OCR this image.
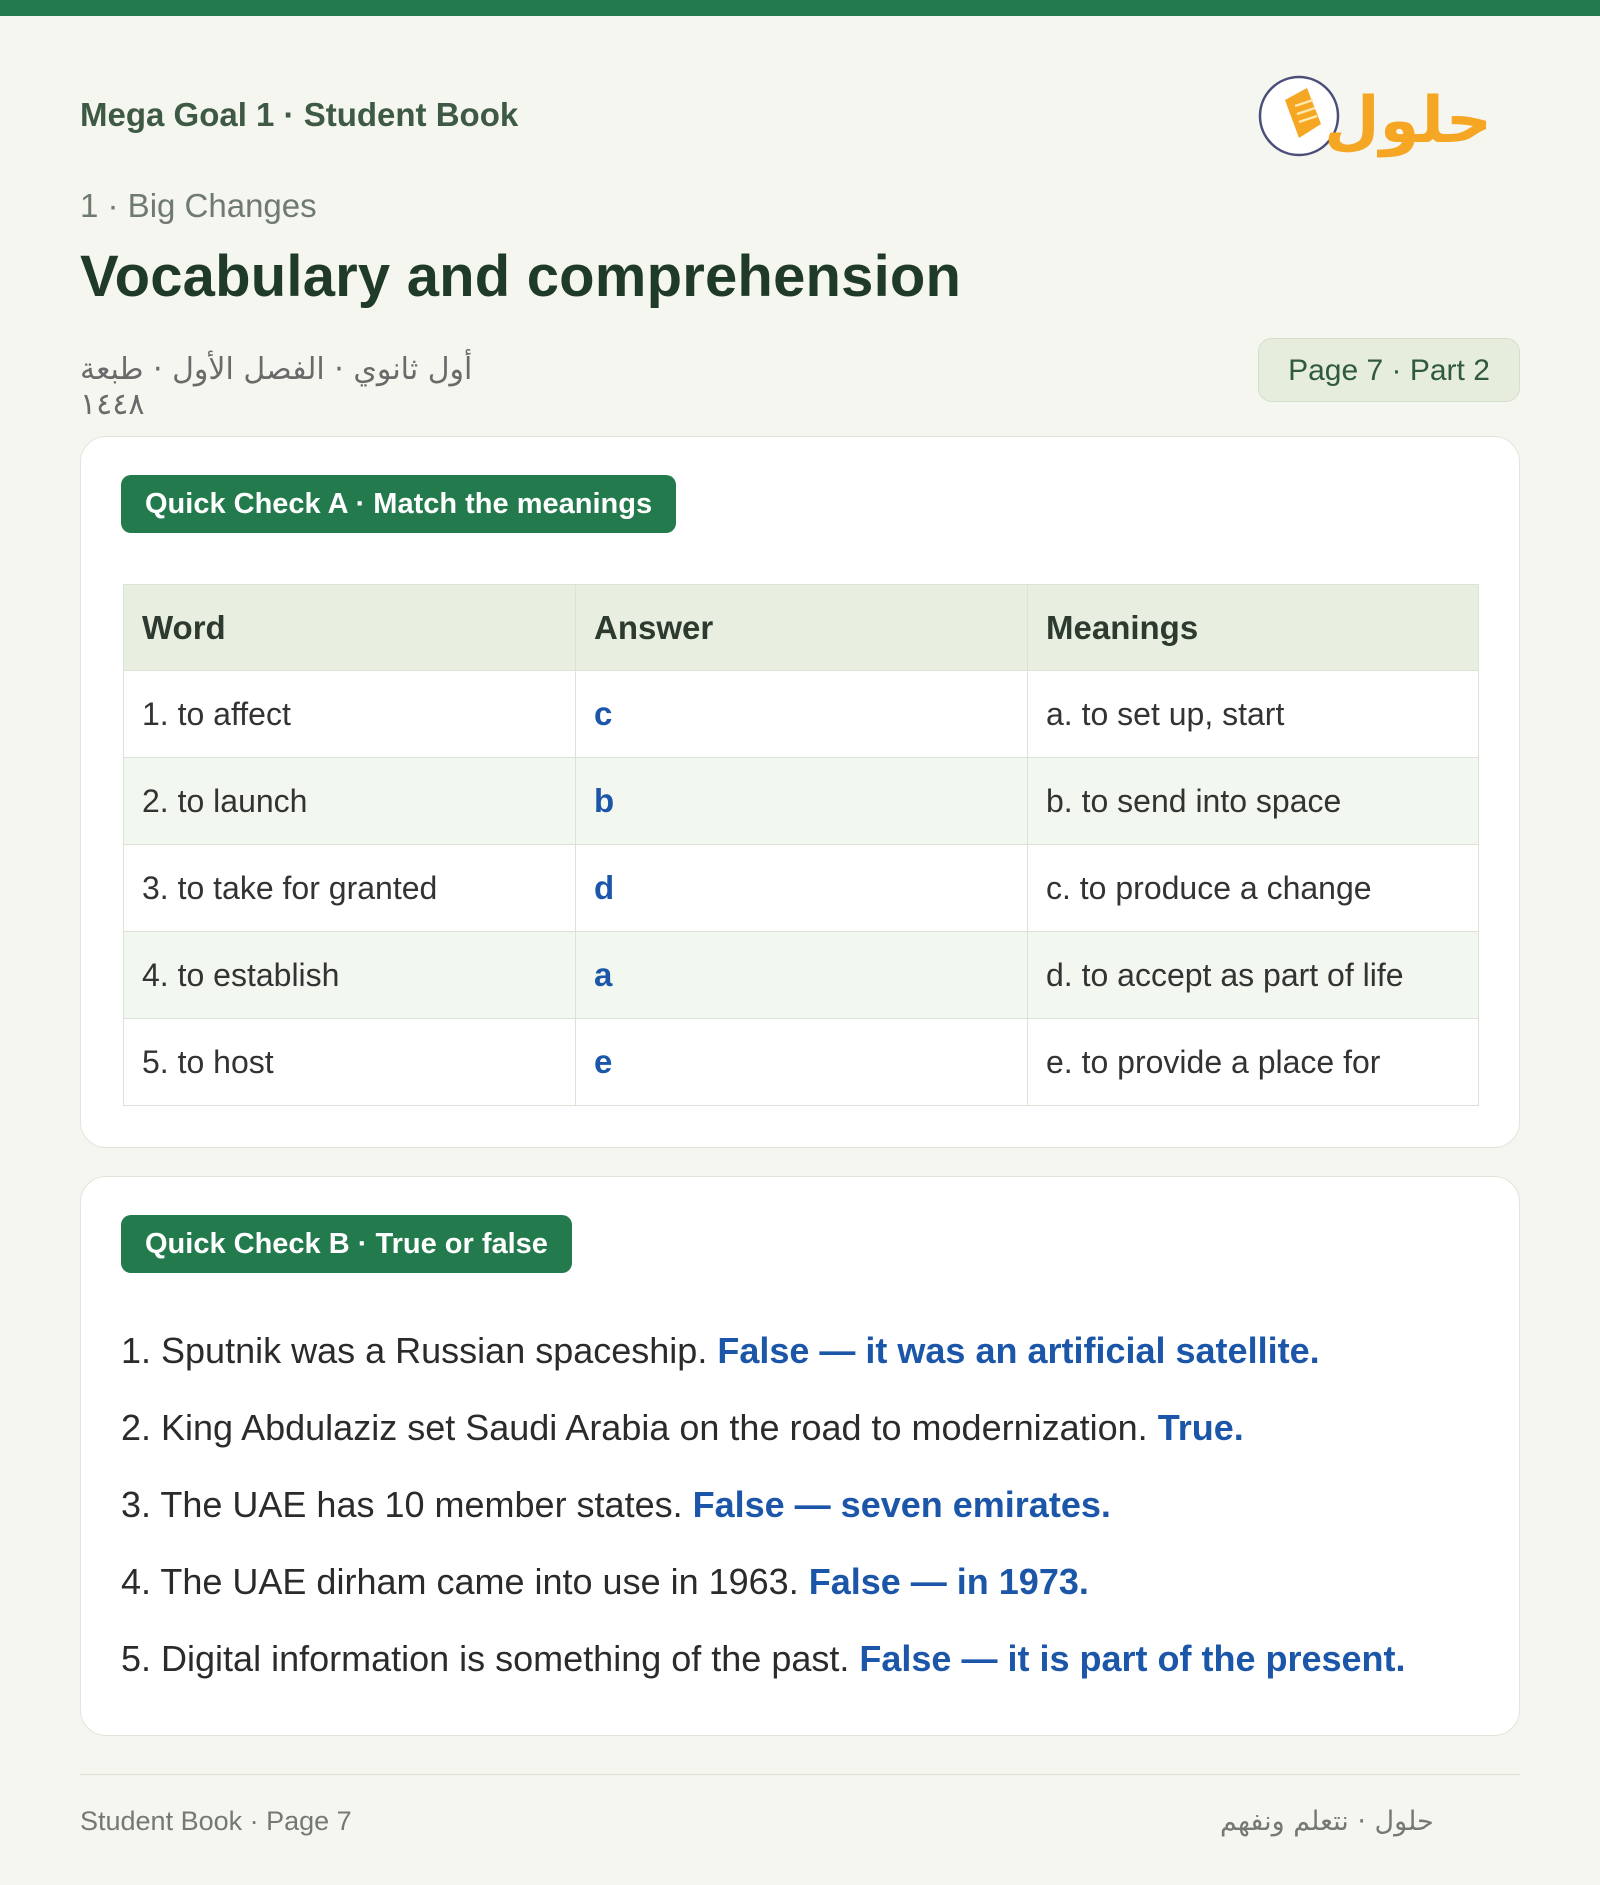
Mega Goal 1 · Student Book	حلول
1 · Big Changes
Vocabulary and comprehension
أول ثانوي · الفصل الأول · طبعة ١٤٤٨
Page 7 · Part 2
Quick Check A · Match the meanings
Word	Answer	Meanings
1. to affect	c	a. to set up, start
2. to launch	b	b. to send into space
3. to take for granted	d	c. to produce a change
4. to establish	a	d. to accept as part of life
5. to host	e	e. to provide a place for
Quick Check B · True or false
1. Sputnik was a Russian spaceship. False — it was an artificial satellite.
2. King Abdulaziz set Saudi Arabia on the road to modernization. True.
3. The UAE has 10 member states. False — seven emirates.
4. The UAE dirham came into use in 1963. False — in 1973.
5. Digital information is something of the past. False — it is part of the present.
Student Book · Page 7	حلول · نتعلم ونفهم
